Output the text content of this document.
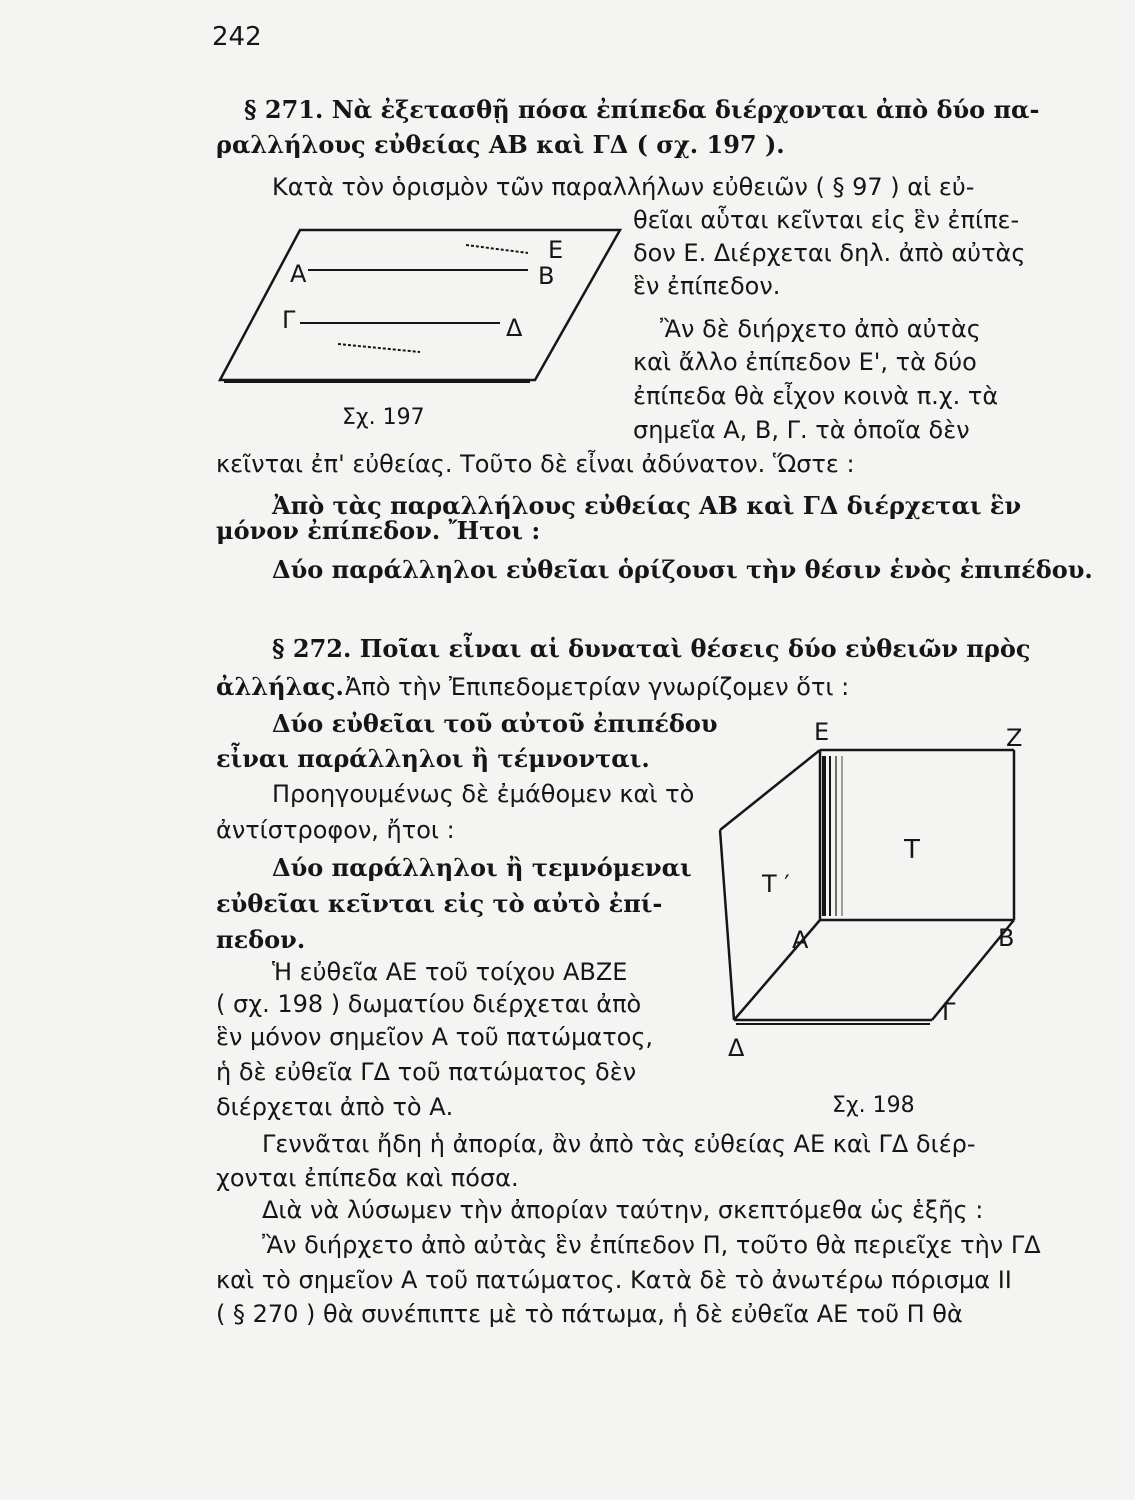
242
§ 271. Νὰ ἐξετασθῇ πόσα ἐπίπεδα διέρχονται ἀπὸ δύο πα-
ραλλήλους εὐθείας ΑΒ καὶ ΓΔ ( σχ. 197 ).
Κατὰ τὸν ὁρισμὸν τῶν παραλλήλων εὐθειῶν ( § 97 ) αἱ εὐ-
θεῖαι αὗται κεῖνται εἰς ἓν ἐπίπε-
δον Ε. Διέρχεται δηλ. ἀπὸ αὐτὰς
ἓν ἐπίπεδον.
Ἂν δὲ διήρχετο ἀπὸ αὐτὰς
καὶ ἄλλο ἐπίπεδον Ε', τὰ δύο
ἐπίπεδα θὰ εἶχον κοινὰ π.χ. τὰ
σημεῖα Α, Β, Γ. τὰ ὁποῖα δὲν
κεῖνται ἐπ' εὐθείας. Τοῦτο δὲ εἶναι ἀδύνατον. Ὥστε :
Ἀπὸ τὰς παραλλήλους εὐθείας ΑΒ καὶ ΓΔ διέρχεται ἓν
μόνον ἐπίπεδον. Ἤτοι :
Δύο παράλληλοι εὐθεῖαι ὁρίζουσι τὴν θέσιν ἑνὸς ἐπιπέδου.
Α	Β
Ε
Γ	Δ
Σχ. 197
§ 272. Ποῖαι εἶναι αἱ δυναταὶ θέσεις δύο εὐθειῶν πρὸς
ἀλλήλας. Ἀπὸ τὴν Ἐπιπεδομετρίαν γνωρίζομεν ὅτι :
Δύο εὐθεῖαι τοῦ αὐτοῦ ἐπιπέδου
εἶναι παράλληλοι ἢ τέμνονται.
Προηγουμένως δὲ ἐμάθομεν καὶ τὸ
ἀντίστροφον, ἤτοι :
Δύο παράλληλοι ἢ τεμνόμεναι
εὐθεῖαι κεῖνται εἰς τὸ αὐτὸ ἐπί-
πεδον.
Ἡ εὐθεῖα ΑΕ τοῦ τοίχου ΑΒΖΕ
( σχ. 198 ) δωματίου διέρχεται ἀπὸ
ἓν μόνον σημεῖον Α τοῦ πατώματος,
ἡ δὲ εὐθεῖα ΓΔ τοῦ πατώματος δὲν
διέρχεται ἀπὸ τὸ Α.
Ε	Ζ
Τ
Τ ′
Α	Β
Γ
Δ
Σχ. 198
Γεννᾶται ἤδη ἡ ἀπορία, ἂν ἀπὸ τὰς εὐθείας ΑΕ καὶ ΓΔ διέρ-
χονται ἐπίπεδα καὶ πόσα.
Διὰ νὰ λύσωμεν τὴν ἀπορίαν ταύτην, σκεπτόμεθα ὡς ἑξῆς :
Ἂν διήρχετο ἀπὸ αὐτὰς ἓν ἐπίπεδον Π, τοῦτο θὰ περιεῖχε τὴν ΓΔ
καὶ τὸ σημεῖον Α τοῦ πατώματος. Κατὰ δὲ τὸ ἀνωτέρω πόρισμα ΙΙ
( § 270 ) θὰ συνέπιπτε μὲ τὸ πάτωμα, ἡ δὲ εὐθεῖα ΑΕ τοῦ Π θὰ
